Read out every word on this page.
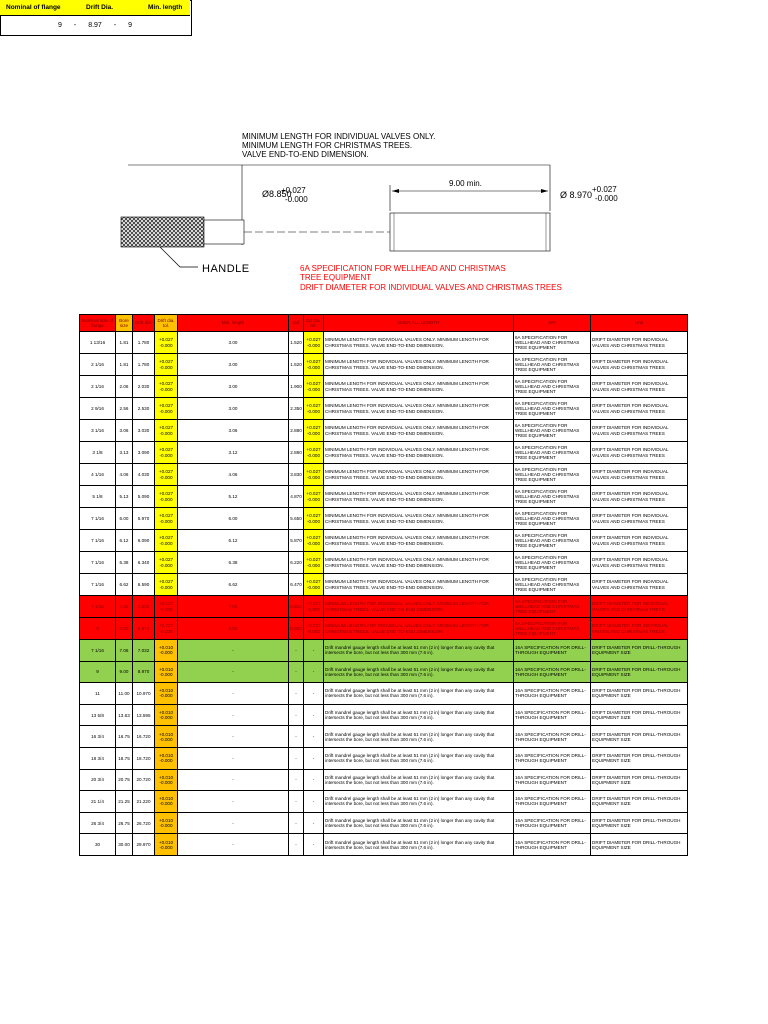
Nominal of flange	Drift Dia.	Min. length
9 - 8.97 - 9
MINIMUM LENGTH FOR INDIVIDUAL VALVES ONLY.
MINIMUM LENGTH FOR CHRISTMAS TREES.
VALVE END-TO-END DIMENSION.
Ø8.850
+0.027
-0.000
9.00 min.
Ø 8.970
+0.027
-0.000
HANDLE	6A SPECIFICATION FOR WELLHEAD AND CHRISTMAS
TREE EQUIPMENT
DRIFT DIAMETER FOR INDIVIDUAL VALVES AND CHRISTMAS TREES
Nominal size of flange	Bore size	Drift dia.	Drift dia. tol.	Min. length	Dd	Dd dia. tol.	OVER ALL LENGTH	API	Unit
1 13/16	1.81	1.780	+0.027
-0.000	3.00	1.520	+0.027
-0.000	MINIMUM LENGTH FOR INDIVIDUAL VALVES ONLY. MINIMUM LENGTH FOR CHRISTMAS TREES. VALVE END-TO-END DIMENSION.	6A SPECIFICATION FOR WELLHEAD AND CHRISTMAS TREE EQUIPMENT	DRIFT DIAMETER FOR INDIVIDUAL VALVES AND CHRISTMAS TREES
2 1/16	1.81	1.780	+0.027
-0.000	3.00	1.520	+0.027
-0.000	MINIMUM LENGTH FOR INDIVIDUAL VALVES ONLY. MINIMUM LENGTH FOR CHRISTMAS TREES. VALVE END-TO-END DIMENSION.	6A SPECIFICATION FOR WELLHEAD AND CHRISTMAS TREE EQUIPMENT	DRIFT DIAMETER FOR INDIVIDUAL VALVES AND CHRISTMAS TREES
2 1/16	2.06	2.030	+0.027
-0.000	3.00	1.900	+0.027
-0.000	MINIMUM LENGTH FOR INDIVIDUAL VALVES ONLY. MINIMUM LENGTH FOR CHRISTMAS TREES. VALVE END-TO-END DIMENSION.	6A SPECIFICATION FOR WELLHEAD AND CHRISTMAS TREE EQUIPMENT	DRIFT DIAMETER FOR INDIVIDUAL VALVES AND CHRISTMAS TREES
2 9/16	2.56	2.530	+0.027
-0.000	3.00	2.350	+0.027
-0.000	MINIMUM LENGTH FOR INDIVIDUAL VALVES ONLY. MINIMUM LENGTH FOR CHRISTMAS TREES. VALVE END-TO-END DIMENSION.	6A SPECIFICATION FOR WELLHEAD AND CHRISTMAS TREE EQUIPMENT	DRIFT DIAMETER FOR INDIVIDUAL VALVES AND CHRISTMAS TREES
3 1/16	3.06	3.030	+0.027
-0.000	3.06	2.880	+0.027
-0.000	MINIMUM LENGTH FOR INDIVIDUAL VALVES ONLY. MINIMUM LENGTH FOR CHRISTMAS TREES. VALVE END-TO-END DIMENSION.	6A SPECIFICATION FOR WELLHEAD AND CHRISTMAS TREE EQUIPMENT	DRIFT DIAMETER FOR INDIVIDUAL VALVES AND CHRISTMAS TREES
3 1/8	3.13	3.090	+0.027
-0.000	3.12	2.880	+0.027
-0.000	MINIMUM LENGTH FOR INDIVIDUAL VALVES ONLY. MINIMUM LENGTH FOR CHRISTMAS TREES. VALVE END-TO-END DIMENSION.	6A SPECIFICATION FOR WELLHEAD AND CHRISTMAS TREE EQUIPMENT	DRIFT DIAMETER FOR INDIVIDUAL VALVES AND CHRISTMAS TREES
4 1/16	4.06	4.030	+0.027
-0.000	4.06	3.830	+0.027
-0.000	MINIMUM LENGTH FOR INDIVIDUAL VALVES ONLY. MINIMUM LENGTH FOR CHRISTMAS TREES. VALVE END-TO-END DIMENSION.	6A SPECIFICATION FOR WELLHEAD AND CHRISTMAS TREE EQUIPMENT	DRIFT DIAMETER FOR INDIVIDUAL VALVES AND CHRISTMAS TREES
5 1/8	5.13	5.090	+0.027
-0.000	5.12	4.870	+0.027
-0.000	MINIMUM LENGTH FOR INDIVIDUAL VALVES ONLY. MINIMUM LENGTH FOR CHRISTMAS TREES. VALVE END-TO-END DIMENSION.	6A SPECIFICATION FOR WELLHEAD AND CHRISTMAS TREE EQUIPMENT	DRIFT DIAMETER FOR INDIVIDUAL VALVES AND CHRISTMAS TREES
7 1/16	6.00	5.970	+0.027
-0.000	6.00	5.650	+0.027
-0.000	MINIMUM LENGTH FOR INDIVIDUAL VALVES ONLY. MINIMUM LENGTH FOR CHRISTMAS TREES. VALVE END-TO-END DIMENSION.	6A SPECIFICATION FOR WELLHEAD AND CHRISTMAS TREE EQUIPMENT	DRIFT DIAMETER FOR INDIVIDUAL VALVES AND CHRISTMAS TREES
7 1/16	6.12	6.090	+0.027
-0.000	6.12	5.870	+0.027
-0.000	MINIMUM LENGTH FOR INDIVIDUAL VALVES ONLY. MINIMUM LENGTH FOR CHRISTMAS TREES. VALVE END-TO-END DIMENSION.	6A SPECIFICATION FOR WELLHEAD AND CHRISTMAS TREE EQUIPMENT	DRIFT DIAMETER FOR INDIVIDUAL VALVES AND CHRISTMAS TREES
7 1/16	6.38	6.340	+0.027
-0.000	6.38	6.220	+0.027
-0.000	MINIMUM LENGTH FOR INDIVIDUAL VALVES ONLY. MINIMUM LENGTH FOR CHRISTMAS TREES. VALVE END-TO-END DIMENSION.	6A SPECIFICATION FOR WELLHEAD AND CHRISTMAS TREE EQUIPMENT	DRIFT DIAMETER FOR INDIVIDUAL VALVES AND CHRISTMAS TREES
7 1/16	6.62	6.590	+0.027
-0.000	6.62	6.470	+0.027
-0.000	MINIMUM LENGTH FOR INDIVIDUAL VALVES ONLY. MINIMUM LENGTH FOR CHRISTMAS TREES. VALVE END-TO-END DIMENSION.	6A SPECIFICATION FOR WELLHEAD AND CHRISTMAS TREE EQUIPMENT	DRIFT DIAMETER FOR INDIVIDUAL VALVES AND CHRISTMAS TREES
7 1/16	7.06	7.030	+0.027
-0.000	7.06	6.810	+0.027
-0.000	MINIMUM LENGTH FOR INDIVIDUAL VALVES ONLY. MINIMUM LENGTH FOR CHRISTMAS TREES. VALVE END-TO-END DIMENSION.	6A SPECIFICATION FOR WELLHEAD AND CHRISTMAS TREE EQUIPMENT	DRIFT DIAMETER FOR INDIVIDUAL VALVES AND CHRISTMAS TREES
9	9.00	8.970	+0.027
-0.000	9.00	8.850	+0.027
-0.000	MINIMUM LENGTH FOR INDIVIDUAL VALVES ONLY. MINIMUM LENGTH FOR CHRISTMAS TREES. VALVE END-TO-END DIMENSION.	6A SPECIFICATION FOR WELLHEAD AND CHRISTMAS TREE EQUIPMENT	DRIFT DIAMETER FOR INDIVIDUAL VALVES AND CHRISTMAS TREES
7 1/16	7.06	7.032	+0.010
-0.000	-	-	-	Drift mandrel gauge length shall be at least 51 mm (2 in) longer than any cavity that intersects the bore, but not less than 300 mm (7.6 in).	16A SPECIFICATION FOR DRILL-THROUGH EQUIPMENT	DRIFT DIAMETER FOR DRILL-THROUGH EQUIPMENT SIZE
9	9.00	8.970	+0.010
-0.000	-	-	-	Drift mandrel gauge length shall be at least 51 mm (2 in) longer than any cavity that intersects the bore, but not less than 300 mm (7.6 in).	16A SPECIFICATION FOR DRILL-THROUGH EQUIPMENT	DRIFT DIAMETER FOR DRILL-THROUGH EQUIPMENT SIZE
11	11.00	10.970	+0.010
-0.000	-	-	-	Drift mandrel gauge length shall be at least 51 mm (2 in) longer than any cavity that intersects the bore, but not less than 300 mm (7.6 in).	16A SPECIFICATION FOR DRILL-THROUGH EQUIPMENT	DRIFT DIAMETER FOR DRILL-THROUGH EQUIPMENT SIZE
13 5/8	13.63	13.595	+0.010
-0.000	-	-	-	Drift mandrel gauge length shall be at least 51 mm (2 in) longer than any cavity that intersects the bore, but not less than 300 mm (7.6 in).	16A SPECIFICATION FOR DRILL-THROUGH EQUIPMENT	DRIFT DIAMETER FOR DRILL-THROUGH EQUIPMENT SIZE
16 3/4	16.75	16.720	+0.010
-0.000	-	-	-	Drift mandrel gauge length shall be at least 51 mm (2 in) longer than any cavity that intersects the bore, but not less than 300 mm (7.6 in).	16A SPECIFICATION FOR DRILL-THROUGH EQUIPMENT	DRIFT DIAMETER FOR DRILL-THROUGH EQUIPMENT SIZE
18 3/4	18.75	18.720	+0.010
-0.000	-	-	-	Drift mandrel gauge length shall be at least 51 mm (2 in) longer than any cavity that intersects the bore, but not less than 300 mm (7.6 in).	16A SPECIFICATION FOR DRILL-THROUGH EQUIPMENT	DRIFT DIAMETER FOR DRILL-THROUGH EQUIPMENT SIZE
20 3/4	20.75	20.720	+0.010
-0.000	-	-	-	Drift mandrel gauge length shall be at least 51 mm (2 in) longer than any cavity that intersects the bore, but not less than 300 mm (7.6 in).	16A SPECIFICATION FOR DRILL-THROUGH EQUIPMENT	DRIFT DIAMETER FOR DRILL-THROUGH EQUIPMENT SIZE
21 1/4	21.25	21.220	+0.010
-0.000	-	-	-	Drift mandrel gauge length shall be at least 51 mm (2 in) longer than any cavity that intersects the bore, but not less than 300 mm (7.6 in).	16A SPECIFICATION FOR DRILL-THROUGH EQUIPMENT	DRIFT DIAMETER FOR DRILL-THROUGH EQUIPMENT SIZE
26 3/4	26.75	26.720	+0.010
-0.000	-	-	-	Drift mandrel gauge length shall be at least 51 mm (2 in) longer than any cavity that intersects the bore, but not less than 300 mm (7.6 in).	16A SPECIFICATION FOR DRILL-THROUGH EQUIPMENT	DRIFT DIAMETER FOR DRILL-THROUGH EQUIPMENT SIZE
30	30.00	29.970	+0.010
-0.000	-	-	-	Drift mandrel gauge length shall be at least 51 mm (2 in) longer than any cavity that intersects the bore, but not less than 300 mm (7.6 in).	16A SPECIFICATION FOR DRILL-THROUGH EQUIPMENT	DRIFT DIAMETER FOR DRILL-THROUGH EQUIPMENT SIZE
